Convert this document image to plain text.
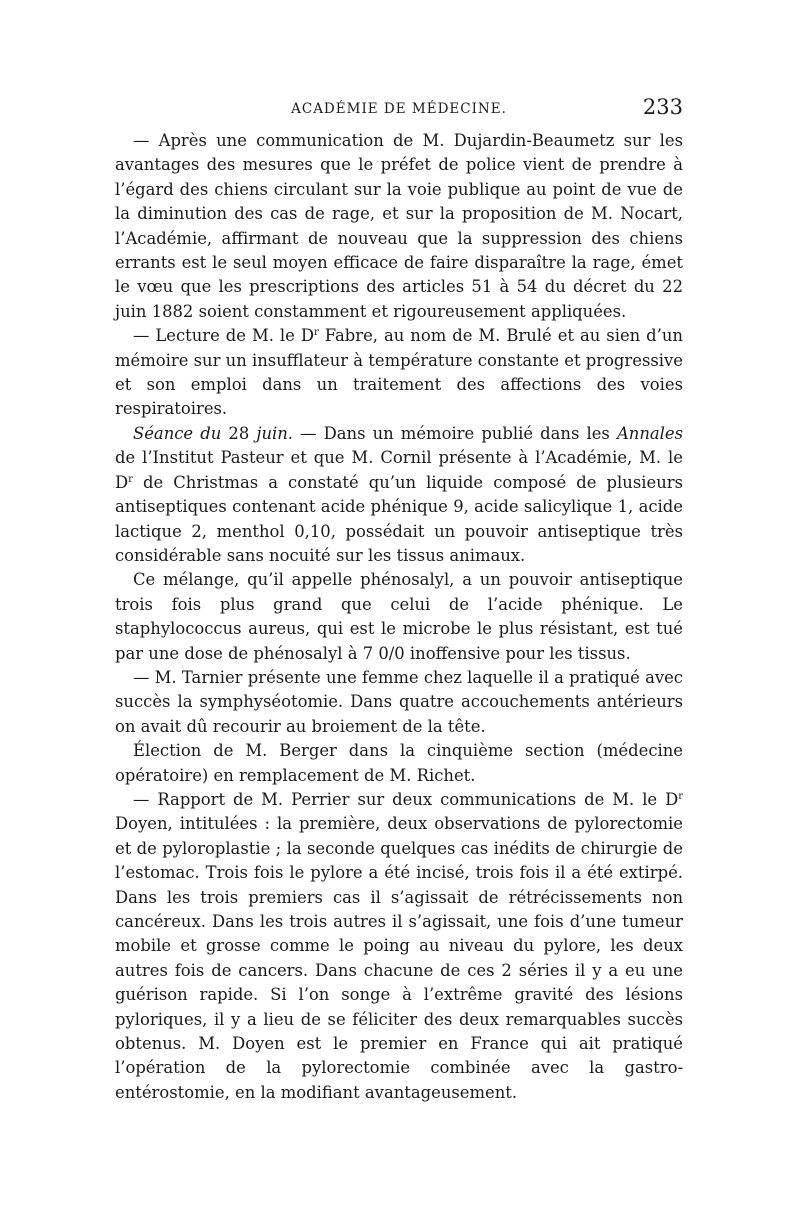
ACADÉMIE DE MÉDECINE.	233

— Après une communication de M. Dujardin-Beaumetz sur les avantages des mesures que le préfet de police vient de prendre à l’égard des chiens circulant sur la voie publique au point de vue de la diminution des cas de rage, et sur la proposition de M. Nocart, l’Académie, affirmant de nouveau que la suppression des chiens errants est le seul moyen efficace de faire disparaître la rage, émet le vœu que les prescriptions des articles 51 à 54 du décret du 22 juin 1882 soient constamment et rigoureusement appliquées.

— Lecture de M. le $D^r$ Fabre, au nom de M. Brulé et au sien d’un mémoire sur un insufflateur à température constante et progressive et son emploi dans un traitement des affections des voies respiratoires.

Séance du 28 juin. — Dans un mémoire publié dans les Annales de l’Institut Pasteur et que M. Cornil présente à l’Académie, M. le $D^r$ de Christmas a constaté qu’un liquide composé de plusieurs antiseptiques contenant acide phénique 9, acide salicylique 1, acide lactique 2, menthol 0,10, possédait un pouvoir antiseptique très considérable sans nocuité sur les tissus animaux.

Ce mélange, qu’il appelle phénosalyl, a un pouvoir antiseptique trois fois plus grand que celui de l’acide phénique. Le staphylococcus aureus, qui est le microbe le plus résistant, est tué par une dose de phénosalyl à 7 0/0 inoffensive pour les tissus.

— M. Tarnier présente une femme chez laquelle il a pratiqué avec succès la symphyséotomie. Dans quatre accouchements antérieurs on avait dû recourir au broiement de la tête.

Élection de M. Berger dans la cinquième section (médecine opératoire) en remplacement de M. Richet.

— Rapport de M. Perrier sur deux communications de M. le $D^r$ Doyen, intitulées : la première, deux observations de pylorectomie et de pyloroplastie ; la seconde quelques cas inédits de chirurgie de l’estomac. Trois fois le pylore a été incisé, trois fois il a été extirpé. Dans les trois premiers cas il s’agissait de rétrécissements non cancéreux. Dans les trois autres il s’agissait, une fois d’une tumeur mobile et grosse comme le poing au niveau du pylore, les deux autres fois de cancers. Dans chacune de ces 2 séries il y a eu une guérison rapide. Si l’on songe à l’extrême gravité des lésions pyloriques, il y a lieu de se féliciter des deux remarquables succès obtenus. M. Doyen est le premier en France qui ait pratiqué l’opération de la pylorectomie combinée avec la gastro-entérostomie, en la modifiant avantageusement.
